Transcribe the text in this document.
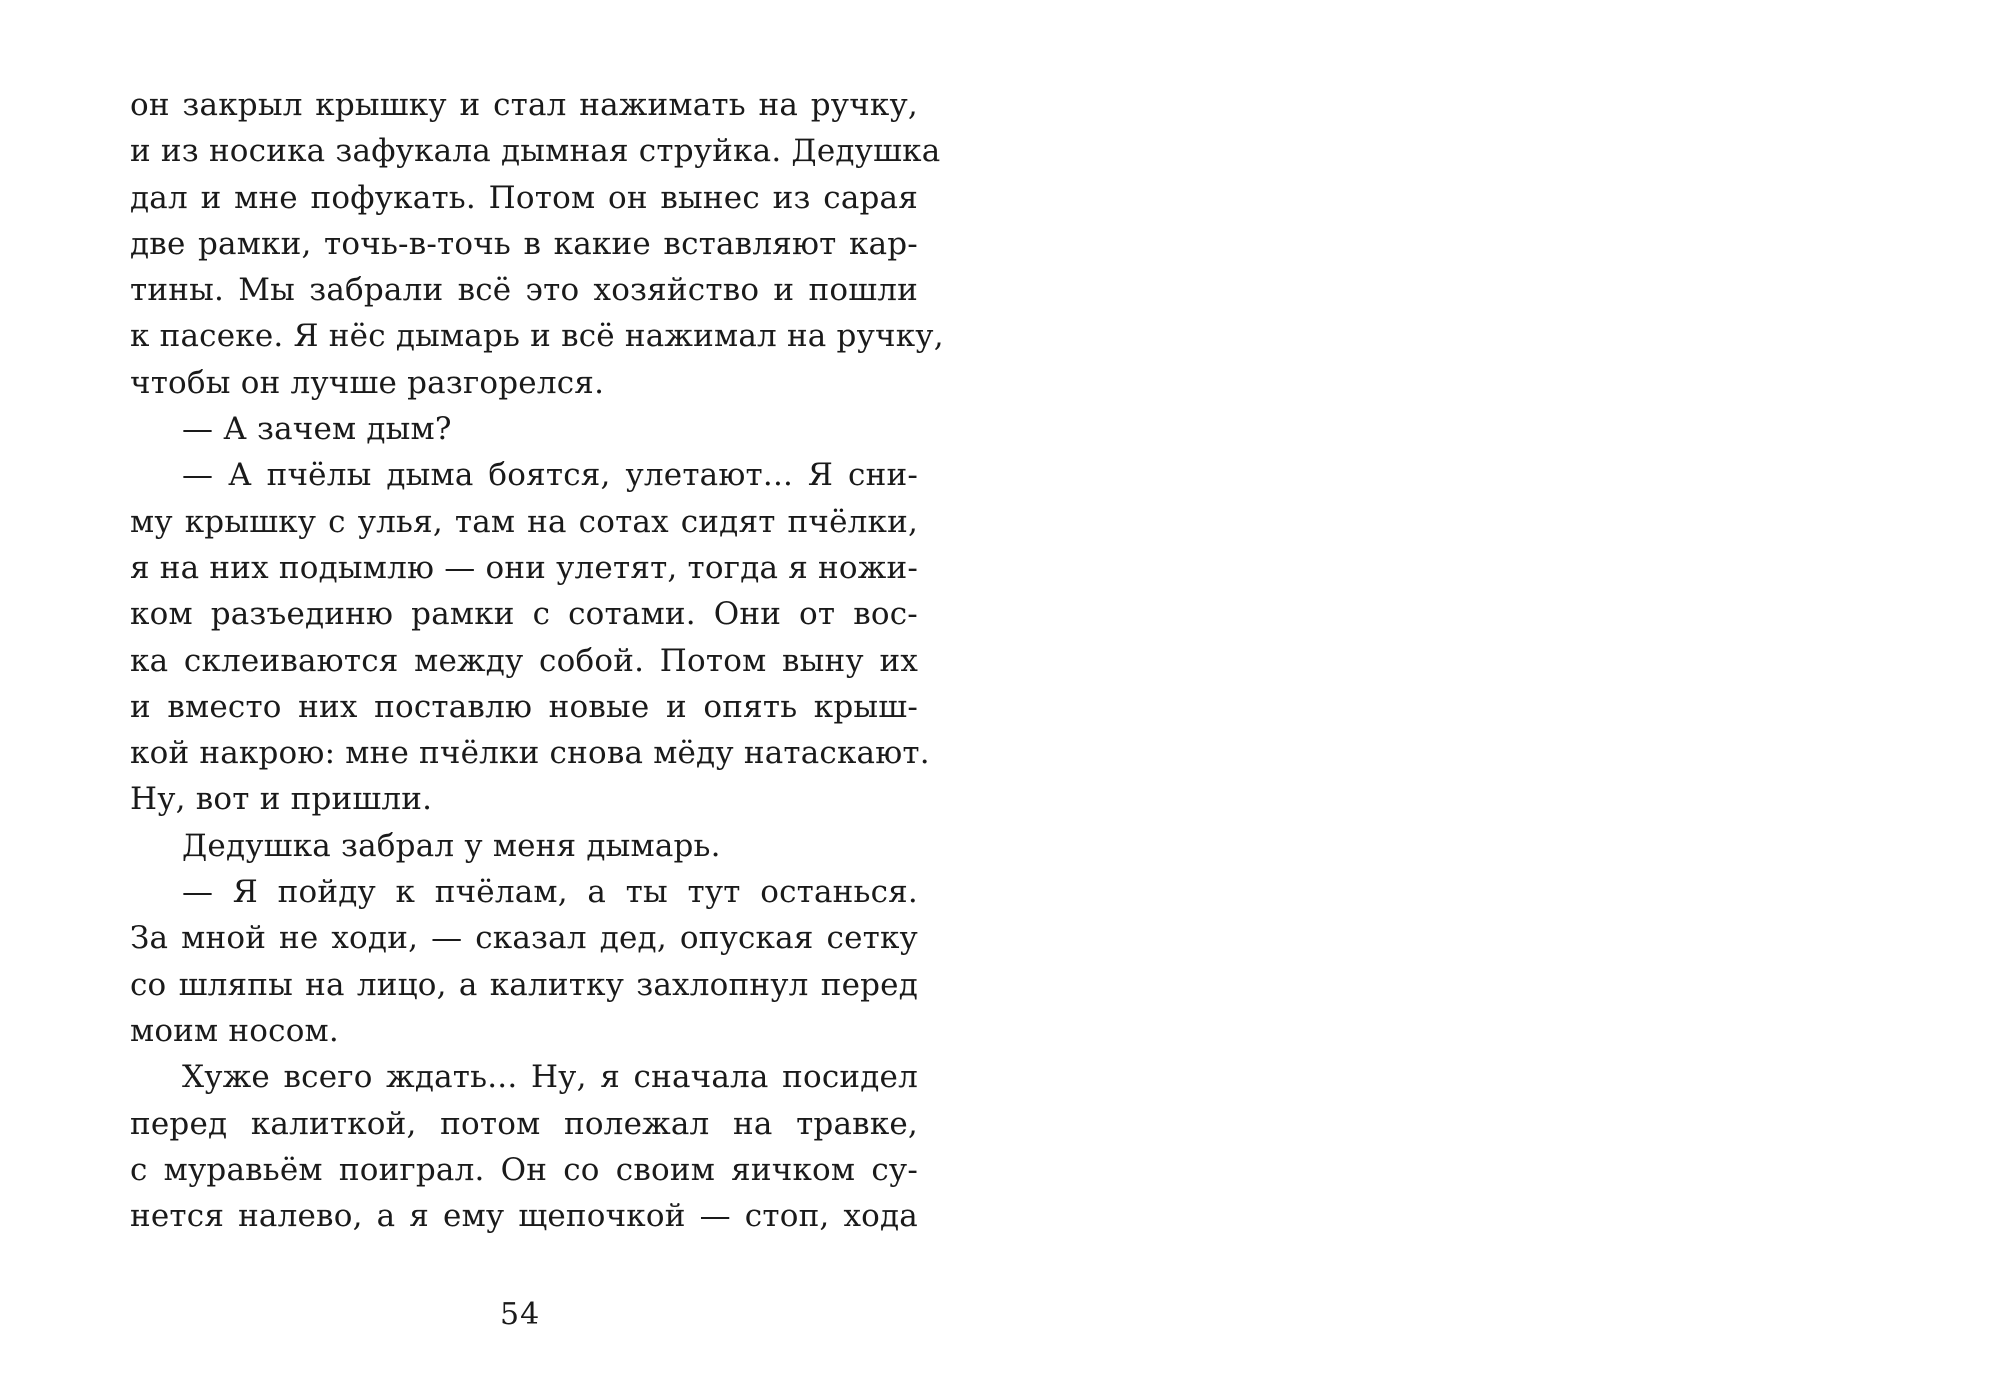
он закрыл крышку и стал нажимать на ручку,
и из носика зафукала дымная струйка. Дедушка
дал и мне пофукать. Потом он вынес из сарая
две рамки, точь-в-точь в какие вставляют кар-
тины. Мы забрали всё это хозяйство и пошли
к пасеке. Я нёс дымарь и всё нажимал на ручку,
чтобы он лучше разгорелся.
— А зачем дым?
— А пчёлы дыма боятся, улетают... Я сни-
му крышку с улья, там на сотах сидят пчёлки,
я на них подымлю — они улетят, тогда я ножи-
ком разъединю рамки с сотами. Они от вос-
ка склеиваются между собой. Потом выну их
и вместо них поставлю новые и опять крыш-
кой накрою: мне пчёлки снова мёду натаскают.
Ну, вот и пришли.
Дедушка забрал у меня дымарь.
— Я пойду к пчёлам, а ты тут останься.
За мной не ходи, — сказал дед, опуская сетку
со шляпы на лицо, а калитку захлопнул перед
моим носом.
Хуже всего ждать... Ну, я сначала посидел
перед калиткой, потом полежал на травке,
с муравьём поиграл. Он со своим яичком су-
нется налево, а я ему щепочкой — стоп, хода
54
